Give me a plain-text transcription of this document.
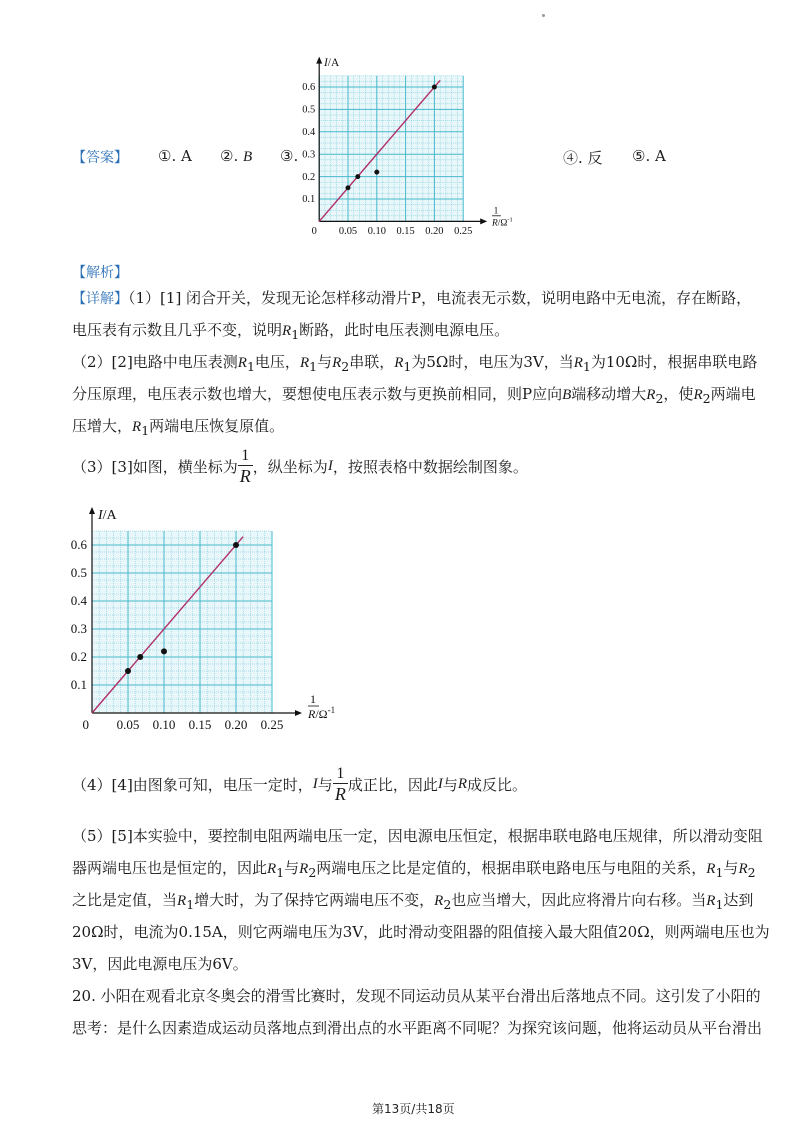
【答案】 ①. A ②. B ③.	④. 反 ⑤. A
0.1
0.2
0.3
0.4
0.5
0.6
0.05 0.10 0.15 0.20 0.25
0
I/A
1
$R/\Omega^{-1}$
【解析】
【详解】（1）[1] 闭合开关，发现无论怎样移动滑片P，电流表无示数，说明电路中无电流，存在断路，
电压表有示数且几乎不变，说明$R_1$断路，此时电压表测电源电压。
（2）[2]电路中电压表测$R_1$电压，$R_1$与$R_2$串联，$R_1$为5Ω时，电压为3V，当$R_1$为10Ω时，根据串联电路
分压原理，电压表示数也增大，要想使电压表示数与更换前相同，则P应向B端移动增大$R_2$，使$R_2$两端电
压增大，$R_1$两端电压恢复原值。
（3）[3]如图，横坐标为 $\frac{1}{R}$ ，纵坐标为 I ，按照表格中数据绘制图象。
0.1
0.2
0.3
0.4
0.5
0.6
0.05 0.10 0.15 0.20 0.25
0
I/A
1
$R/\Omega^{-1}$
（4）[4]由图象可知，电压一定时， I 与 $\frac{1}{R}$ 成正比，因此 I 与 R 成反比。
（5）[5]本实验中，要控制电阻两端电压一定，因电源电压恒定，根据串联电路电压规律，所以滑动变阻
器两端电压也是恒定的，因此$R_1$与$R_2$两端电压之比是定值的，根据串联电路电压与电阻的关系，$R_1$与$R_2$
之比是定值，当$R_1$增大时，为了保持它两端电压不变，$R_2$也应当增大，因此应将滑片向右移。当$R_1$达到
20Ω时，电流为0.15A，则它两端电压为3V，此时滑动变阻器的阻值接入最大阻值20Ω，则两端电压也为
3V，因此电源电压为6V。
20. 小阳在观看北京冬奥会的滑雪比赛时，发现不同运动员从某平台滑出后落地点不同。这引发了小阳的
思考：是什么因素造成运动员落地点到滑出点的水平距离不同呢？为探究该问题，他将运动员从平台滑出
第13页/共18页
